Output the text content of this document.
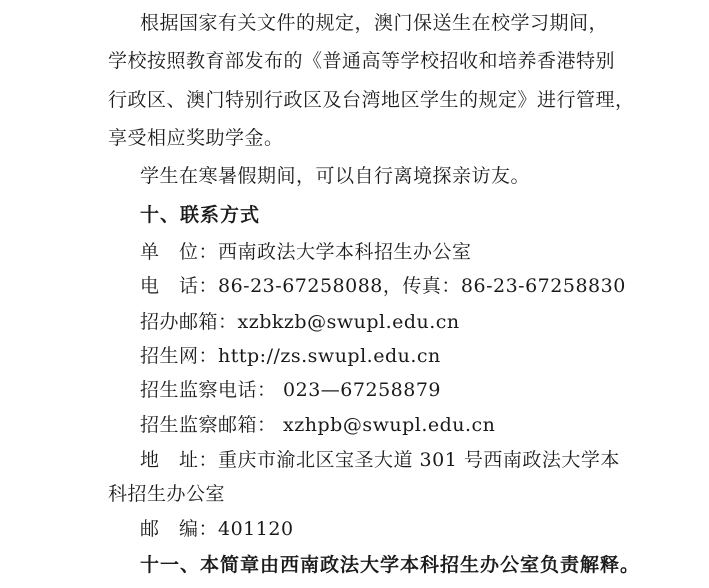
根据国家有关文件的规定，澳门保送生在校学习期间，
学校按照教育部发布的《普通高等学校招收和培养香港特别
行政区、澳门特别行政区及台湾地区学生的规定》进行管理，
享受相应奖助学金。
学生在寒暑假期间，可以自行离境探亲访友。
十、联系方式
单　位：西南政法大学本科招生办公室
电　话：86-23-67258088，传真：86-23-67258830
招办邮箱：xzbkzb@swupl.edu.cn
招生网：http://zs.swupl.edu.cn
招生监察电话： 023—67258879
招生监察邮箱： xzhpb@swupl.edu.cn
地　址：重庆市渝北区宝圣大道 301 号西南政法大学本
科招生办公室
邮　编：401120
十一、本简章由西南政法大学本科招生办公室负责解释。
